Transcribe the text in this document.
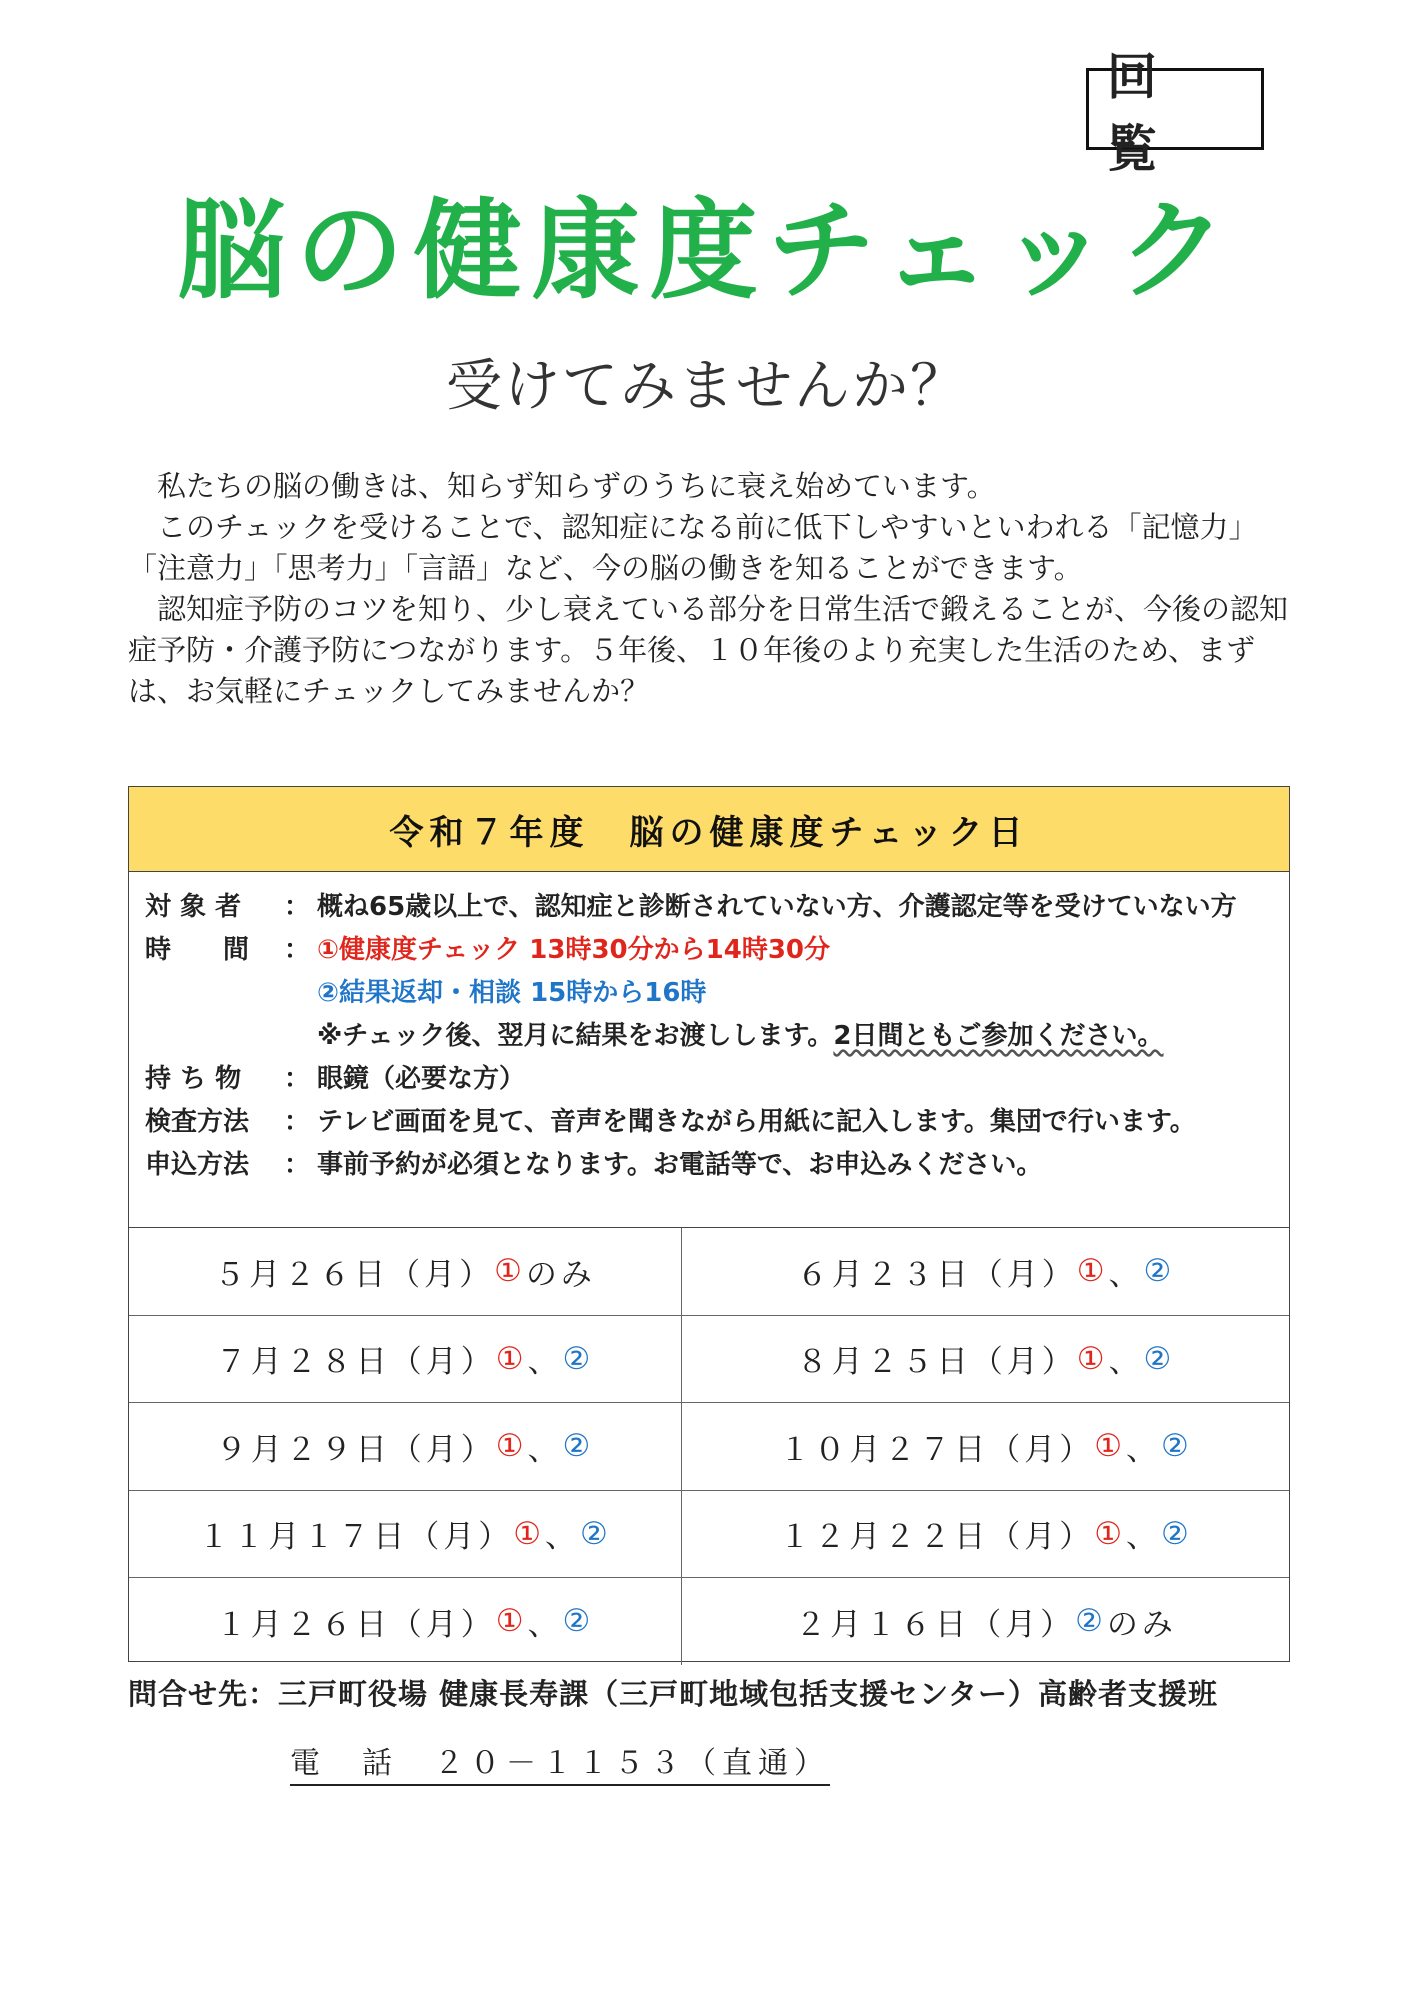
回 覧
脳の健康度チェック
受けてみませんか？

　私たちの脳の働きは、知らず知らずのうちに衰え始めています。

　このチェックを受けることで、認知症になる前に低下しやすいといわれる「記憶力」「注意力」「思考力」「言語」など、今の脳の働きを知ることができます。

　認知症予防のコツを知り、少し衰えている部分を日常生活で鍛えることが、今後の認知症予防・介護予防につながります。５年後、１０年後のより充実した生活のため、まずは、お気軽にチェックしてみませんか？

令和７年度　脳の健康度チェック日
対 象 者	： 概ね65歳以上で、認知症と診断されていない方、介護認定等を受けていない方
時　　間	： ①健康度チェック 13時30分から14時30分
②結果返却・相談 15時から16時
※チェック後、翌月に結果をお渡しします。2日間ともご参加ください。
持 ち 物	： 眼鏡（必要な方）
検査方法	： テレビ画面を見て、音声を聞きながら用紙に記入します。集団で行います。
申込方法	： 事前予約が必須となります。お電話等で、お申込みください。
５月２６日（月） ① のみ	６月２３日（月） ① 、 ②
７月２８日（月） ① 、 ②	８月２５日（月） ① 、 ②
９月２９日（月） ① 、 ②	１０月２７日（月） ① 、 ②
１１月１７日（月） ① 、 ②	１２月２２日（月） ① 、 ②
１月２６日（月） ① 、 ②	２月１６日（月） ② のみ
問合せ先：三戸町役場 健康長寿課（三戸町地域包括支援センター）高齢者支援班
電　話　２０－１１５３（直通）
